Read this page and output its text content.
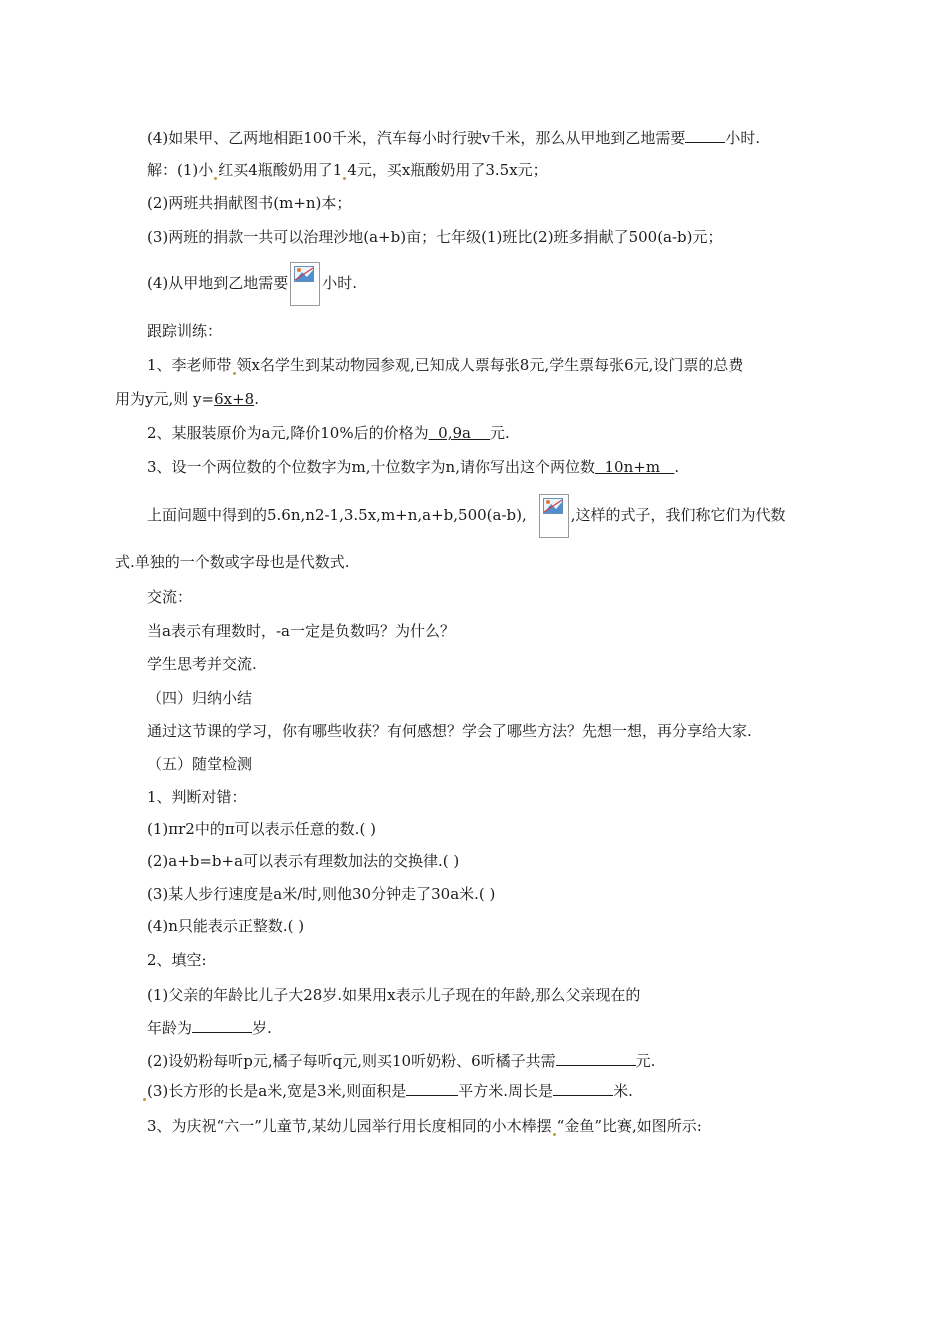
(4)如果甲、乙两地相距100千米，汽车每小时行驶v千米，那么从甲地到乙地需要	小时.
解：(1)小 红买4瓶酸奶用了1 4元，买x瓶酸奶用了3.5x元；
(2)两班共捐献图书(m+n)本；
(3)两班的捐款一共可以治理沙地(a+b)亩；七年级(1)班比(2)班多捐献了500(a-b)元；
(4)从甲地到乙地需要 小时.
跟踪训练：
1、李老师带 领x名学生到某动物园参观,已知成人票每张8元,学生票每张6元,设门票的总费
用为y元,则 y=6x+8.
2、某服装原价为a元,降价10%后的价格为  0,9a    元.
3、设一个两位数的个位数字为m,十位数字为n,请你写出这个两位数  10n+m   .
上面问题中得到的5.6n,n2-1,3.5x,m+n,a+b,500(a-b),	,这样的式子，我们称它们为代数
式.单独的一个数或字母也是代数式.
交流：
当a表示有理数时，-a一定是负数吗？为什么？
学生思考并交流.
（四）归纳小结
通过这节课的学习，你有哪些收获？有何感想？学会了哪些方法？先想一想，再分享给大家.
（五）随堂检测
1、判断对错：
(1)πr2中的π可以表示任意的数.( )
(2)a+b=b+a可以表示有理数加法的交换律.( )
(3)某人步行速度是a米/时,则他30分钟走了30a米.( )
(4)n只能表示正整数.( )
2、填空:
(1)父亲的年龄比儿子大28岁.如果用x表示儿子现在的年龄,那么父亲现在的
年龄为	岁.
(2)设奶粉每听p元,橘子每听q元,则买10听奶粉、6听橘子共需	元.
(3)长方形的长是a米,宽是3米,则面积是	平方米.周长是	米.
3、为庆祝“六一”儿童节,某幼儿园举行用长度相同的小木棒摆 “金鱼”比赛,如图所示:
